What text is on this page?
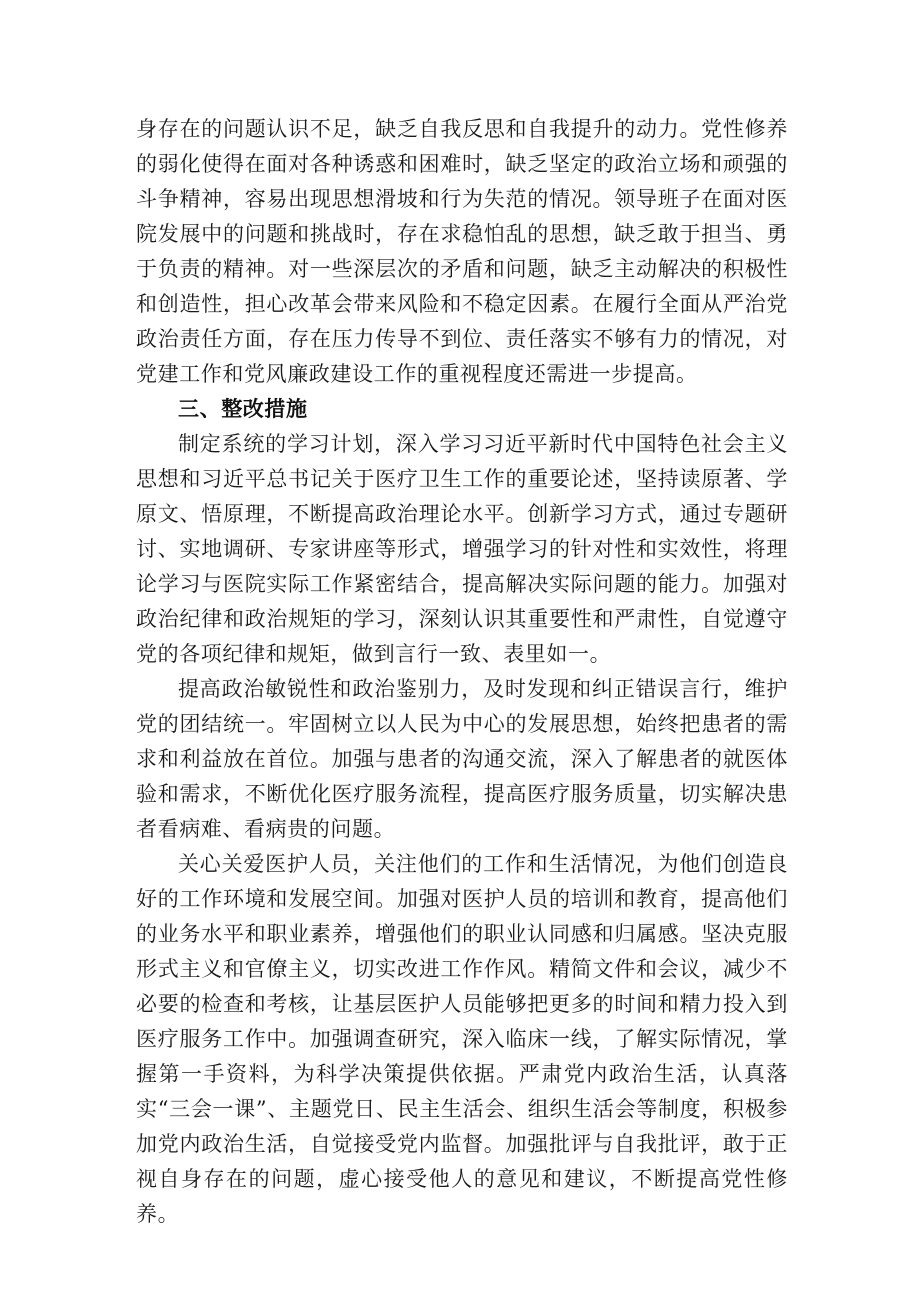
身存在的问题认识不足，缺乏自我反思和自我提升的动力。党性修养的弱化使得在面对各种诱惑和困难时，缺乏坚定的政治立场和顽强的斗争精神，容易出现思想滑坡和行为失范的情况。领导班子在面对医院发展中的问题和挑战时，存在求稳怕乱的思想，缺乏敢于担当、勇于负责的精神。对一些深层次的矛盾和问题，缺乏主动解决的积极性和创造性，担心改革会带来风险和不稳定因素。在履行全面从严治党政治责任方面，存在压力传导不到位、责任落实不够有力的情况，对党建工作和党风廉政建设工作的重视程度还需进一步提高。

三、整改措施

制定系统的学习计划，深入学习习近平新时代中国特色社会主义思想和习近平总书记关于医疗卫生工作的重要论述，坚持读原著、学原文、悟原理，不断提高政治理论水平。创新学习方式，通过专题研讨、实地调研、专家讲座等形式，增强学习的针对性和实效性，将理论学习与医院实际工作紧密结合，提高解决实际问题的能力。加强对政治纪律和政治规矩的学习，深刻认识其重要性和严肃性，自觉遵守党的各项纪律和规矩，做到言行一致、表里如一。

提高政治敏锐性和政治鉴别力，及时发现和纠正错误言行，维护党的团结统一。牢固树立以人民为中心的发展思想，始终把患者的需求和利益放在首位。加强与患者的沟通交流，深入了解患者的就医体验和需求，不断优化医疗服务流程，提高医疗服务质量，切实解决患者看病难、看病贵的问题。

关心关爱医护人员，关注他们的工作和生活情况，为他们创造良好的工作环境和发展空间。加强对医护人员的培训和教育，提高他们的业务水平和职业素养，增强他们的职业认同感和归属感。坚决克服形式主义和官僚主义，切实改进工作作风。精简文件和会议，减少不必要的检查和考核，让基层医护人员能够把更多的时间和精力投入到医疗服务工作中。加强调查研究，深入临床一线，了解实际情况，掌握第一手资料，为科学决策提供依据。严肃党内政治生活，认真落实“三会一课”、主题党日、民主生活会、组织生活会等制度，积极参加党内政治生活，自觉接受党内监督。加强批评与自我批评，敢于正视自身存在的问题，虚心接受他人的意见和建议，不断提高党性修养。
